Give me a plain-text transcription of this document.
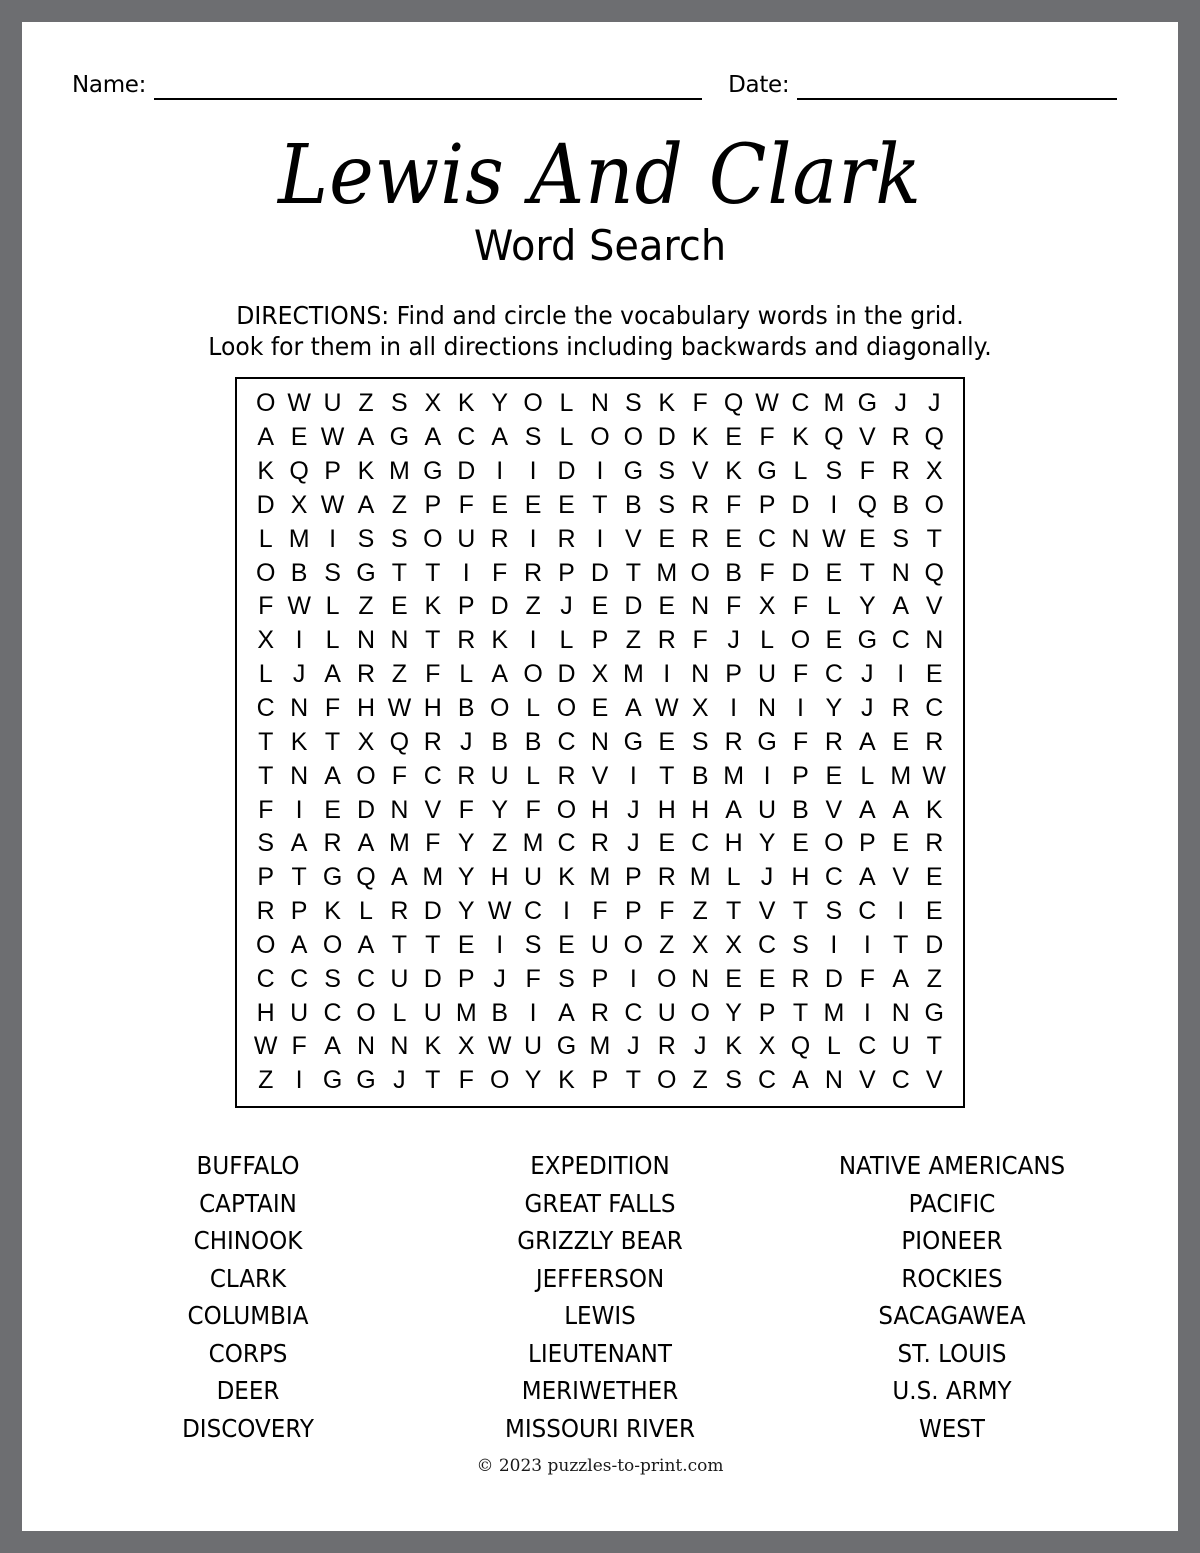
Name:	Date:
Lewis And Clark
Word Search
DIRECTIONS: Find and circle the vocabulary words in the grid.
Look for them in all directions including backwards and diagonally.
O	W	U	Z	S	X	K	Y	O	L	N	S	K	F	Q	W	C	M	G	J	J
A	E	W	A	G	A	C	A	S	L	O	O	D	K	E	F	K	Q	V	R	Q
K	Q	P	K	M	G	D	I	I	D	I	G	S	V	K	G	L	S	F	R	X
D	X	W	A	Z	P	F	E	E	E	T	B	S	R	F	P	D	I	Q	B	O
L	M	I	S	S	O	U	R	I	R	I	V	E	R	E	C	N	W	E	S	T
O	B	S	G	T	T	I	F	R	P	D	T	M	O	B	F	D	E	T	N	Q
F	W	L	Z	E	K	P	D	Z	J	E	D	E	N	F	X	F	L	Y	A	V
X	I	L	N	N	T	R	K	I	L	P	Z	R	F	J	L	O	E	G	C	N
L	J	A	R	Z	F	L	A	O	D	X	M	I	N	P	U	F	C	J	I	E
C	N	F	H	W	H	B	O	L	O	E	A	W	X	I	N	I	Y	J	R	C
T	K	T	X	Q	R	J	B	B	C	N	G	E	S	R	G	F	R	A	E	R
T	N	A	O	F	C	R	U	L	R	V	I	T	B	M	I	P	E	L	M	W
F	I	E	D	N	V	F	Y	F	O	H	J	H	H	A	U	B	V	A	A	K
S	A	R	A	M	F	Y	Z	M	C	R	J	E	C	H	Y	E	O	P	E	R
P	T	G	Q	A	M	Y	H	U	K	M	P	R	M	L	J	H	C	A	V	E
R	P	K	L	R	D	Y	W	C	I	F	P	F	Z	T	V	T	S	C	I	E
O	A	O	A	T	T	E	I	S	E	U	O	Z	X	X	C	S	I	I	T	D
C	C	S	C	U	D	P	J	F	S	P	I	O	N	E	E	R	D	F	A	Z
H	U	C	O	L	U	M	B	I	A	R	C	U	O	Y	P	T	M	I	N	G
W	F	A	N	N	K	X	W	U	G	M	J	R	J	K	X	Q	L	C	U	T
Z	I	G	G	J	T	F	O	Y	K	P	T	O	Z	S	C	A	N	V	C	V
BUFFALO
CAPTAIN
CHINOOK
CLARK
COLUMBIA
CORPS
DEER
DISCOVERY
EXPEDITION
GREAT FALLS
GRIZZLY BEAR
JEFFERSON
LEWIS
LIEUTENANT
MERIWETHER
MISSOURI RIVER
NATIVE AMERICANS
PACIFIC
PIONEER
ROCKIES
SACAGAWEA
ST. LOUIS
U.S. ARMY
WEST
© 2023 puzzles-to-print.com
